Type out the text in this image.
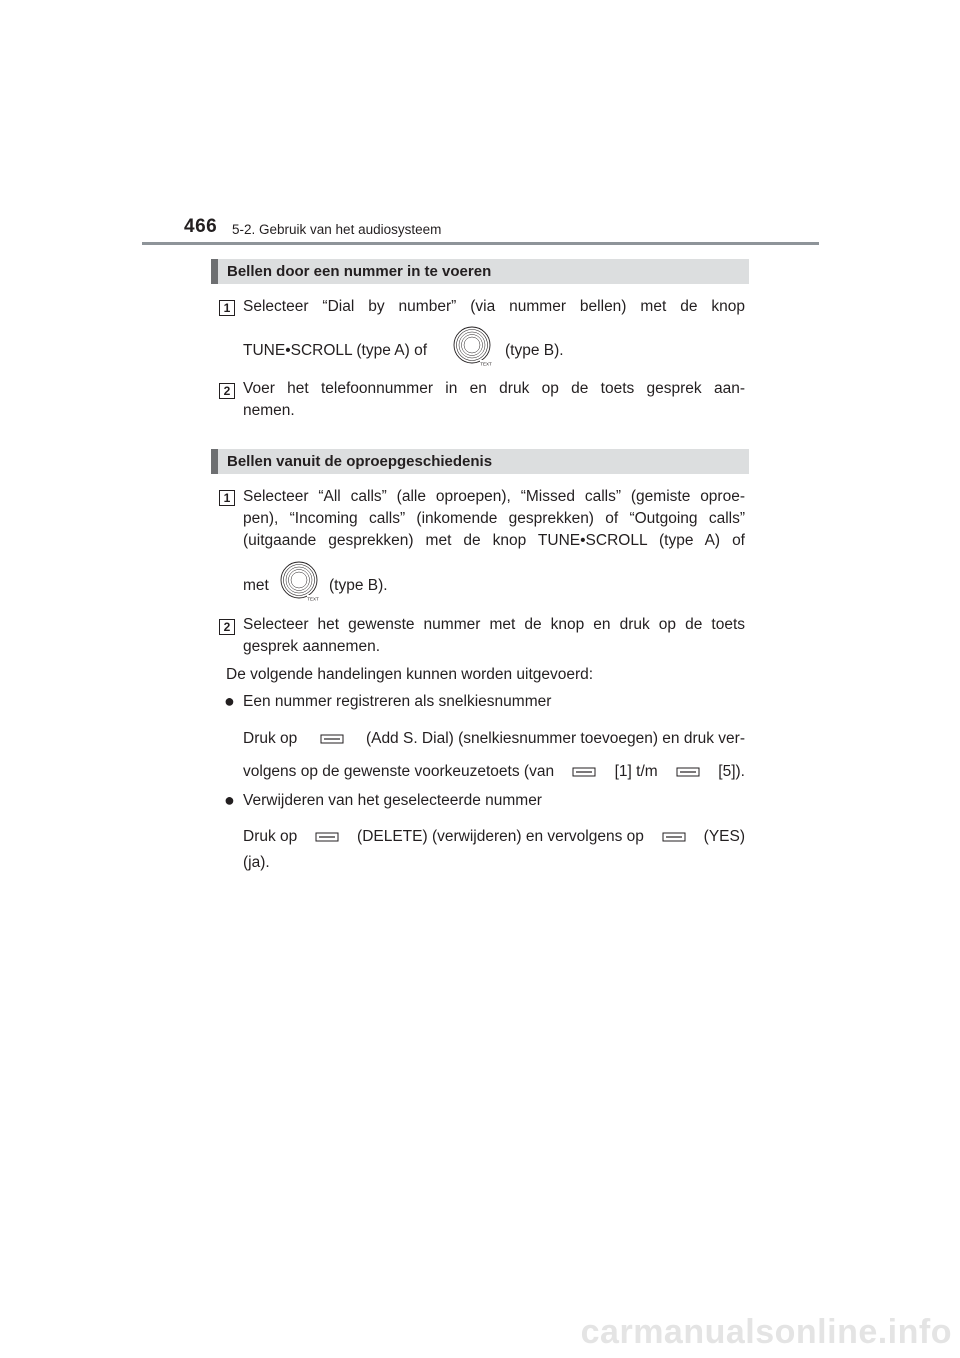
466 5-2. Gebruik van het audiosysteem
Bellen door een nummer in te voeren
1 Selecteer “Dial by number” (via nummer bellen) met de knop
TUNE•SCROLL (type A) of
TEXT
(type B).
2 Voer het telefoonnummer in en druk op de toets gesprek aan-
nemen.
Bellen vanuit de oproepgeschiedenis
1 Selecteer “All calls” (alle oproepen), “Missed calls” (gemiste oproe-
pen), “Incoming calls” (inkomende gesprekken) of “Outgoing calls”
(uitgaande gesprekken) met de knop TUNE•SCROLL (type A) of
met
TEXT
(type B).
2 Selecteer het gewenste nummer met de knop en druk op de toets
gesprek aannemen.
De volgende handelingen kunnen worden uitgevoerd:
● Een nummer registreren als snelkiesnummer
Druk op	(Add S. Dial) (snelkiesnummer toevoegen) en druk ver-
volgens op de gewenste voorkeuzetoets (van	[1] t/m	[5]).
● Verwijderen van het geselecteerde nummer
Druk op	(DELETE) (verwijderen) en vervolgens op	(YES)
(ja).
carmanualsonline.info
